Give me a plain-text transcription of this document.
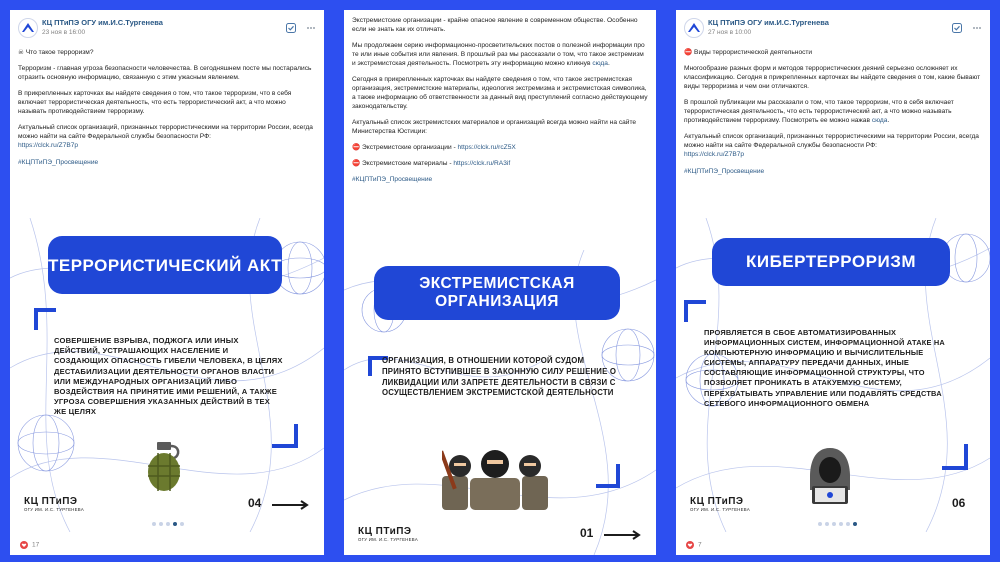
КЦ ПТиПЭ ОГУ им.И.С.Тургенева
23 ноя в 16:00

☠ Что такое терроризм?

Терроризм - главная угроза безопасности человечества. В сегодняшнем посте мы постарались отразить основную информацию, связанную с этим ужасным явлением.

В прикрепленных карточках вы найдете сведения о том, что такое терроризм, что в себя включает террористическая деятельность, что есть террористический акт, а что можно называть противодействием терроризму.

Актуальный список организаций, признанных террористическими на территории России, всегда можно найти на сайте Федеральной службы безопасности РФ:
https://clck.ru/Z7B7p

#КЦПТиПЭ_Просвещение

ТЕРРОРИСТИЧЕСКИЙ АКТ
СОВЕРШЕНИЕ ВЗРЫВА, ПОДЖОГА ИЛИ ИНЫХ ДЕЙСТВИЙ, УСТРАШАЮЩИХ НАСЕЛЕНИЕ И СОЗДАЮЩИХ ОПАСНОСТЬ ГИБЕЛИ ЧЕЛОВЕКА, В ЦЕЛЯХ ДЕСТАБИЛИЗАЦИИ ДЕЯТЕЛЬНОСТИ ОРГАНОВ ВЛАСТИ ИЛИ МЕЖДУНАРОДНЫХ ОРГАНИЗАЦИЙ ЛИБО ВОЗДЕЙСТВИЯ НА ПРИНЯТИЕ ИМИ РЕШЕНИЙ, А ТАКЖЕ УГРОЗА СОВЕРШЕНИЯ УКАЗАННЫХ ДЕЙСТВИЙ В ТЕХ ЖЕ ЦЕЛЯХ
КЦ ПТиПЭ
ОГУ ИМ. И.С. ТУРГЕНЕВА	04
17

Экстремистские организации - крайне опасное явление в современном обществе. Особенно если не знать как их отличать.

Мы продолжаем серию информационно-просветительских постов о полезной информации про те или иные события или явления. В прошлый раз мы рассказали о том, что такое экстремизм и экстремистская деятельность. Посмотреть эту информацию можно кликнув сюда.

Сегодня в прикрепленных карточках вы найдете сведения о том, что такое экстремистская организация, экстремистские материалы, идеология экстремизма и экстремистская символика, а также информацию об ответственности за данный вид преступлений согласно действующему законодательству.

Актуальный список экстремистских материалов и организаций всегда можно найти на сайте Министерства Юстиции:

⛔ Экстремистские организации - https://clck.ru/rcZ5X

⛔ Экстремистские материалы - https://clck.ru/RA3if

#КЦПТиПЭ_Просвещение

ЭКСТРЕМИСТСКАЯ ОРГАНИЗАЦИЯ
ОРГАНИЗАЦИЯ, В ОТНОШЕНИИ КОТОРОЙ СУДОМ ПРИНЯТО ВСТУПИВШЕЕ В ЗАКОННУЮ СИЛУ РЕШЕНИЕ О ЛИКВИДАЦИИ ИЛИ ЗАПРЕТЕ ДЕЯТЕЛЬНОСТИ В СВЯЗИ С ОСУЩЕСТВЛЕНИЕМ ЭКСТРЕМИСТСКОЙ ДЕЯТЕЛЬНОСТИ
КЦ ПТиПЭ
ОГУ ИМ. И.С. ТУРГЕНЕВА	01
КЦ ПТиПЭ ОГУ им.И.С.Тургенева
27 ноя в 10:00

⛔ Виды террористической деятельности

Многообразие разных форм и методов террористических деяний серьезно осложняет их классификацию. Сегодня в прикрепленных карточках вы найдете сведения о том, какие бывают виды терроризма и чем они отличаются.

В прошлой публикации мы рассказали о том, что такое терроризм, что в себя включает террористическая деятельность, что есть террористический акт, а что можно называть противодействием терроризму. Посмотреть ее можно нажав сюда.

Актуальный список организаций, признанных террористическими на территории России, всегда можно найти на сайте Федеральной службы безопасности РФ:
https://clck.ru/Z7B7p

#КЦПТиПЭ_Просвещение

КИБЕРТЕРРОРИЗМ
ПРОЯВЛЯЕТСЯ В СБОЕ АВТОМАТИЗИРОВАННЫХ ИНФОРМАЦИОННЫХ СИСТЕМ, ИНФОРМАЦИОННОЙ АТАКЕ НА КОМПЬЮТЕРНУЮ ИНФОРМАЦИЮ И ВЫЧИСЛИТЕЛЬНЫЕ СИСТЕМЫ, АППАРАТУРУ ПЕРЕДАЧИ ДАННЫХ, ИНЫЕ СОСТАВЛЯЮЩИЕ ИНФОРМАЦИОННОЙ СТРУКТУРЫ, ЧТО ПОЗВОЛЯЕТ ПРОНИКАТЬ В АТАКУЕМУЮ СИСТЕМУ, ПЕРЕХВАТЫВАТЬ УПРАВЛЕНИЕ ИЛИ ПОДАВЛЯТЬ СРЕДСТВА СЕТЕВОГО ИНФОРМАЦИОННОГО ОБМЕНА
КЦ ПТиПЭ
ОГУ ИМ. И.С. ТУРГЕНЕВА	06
7
